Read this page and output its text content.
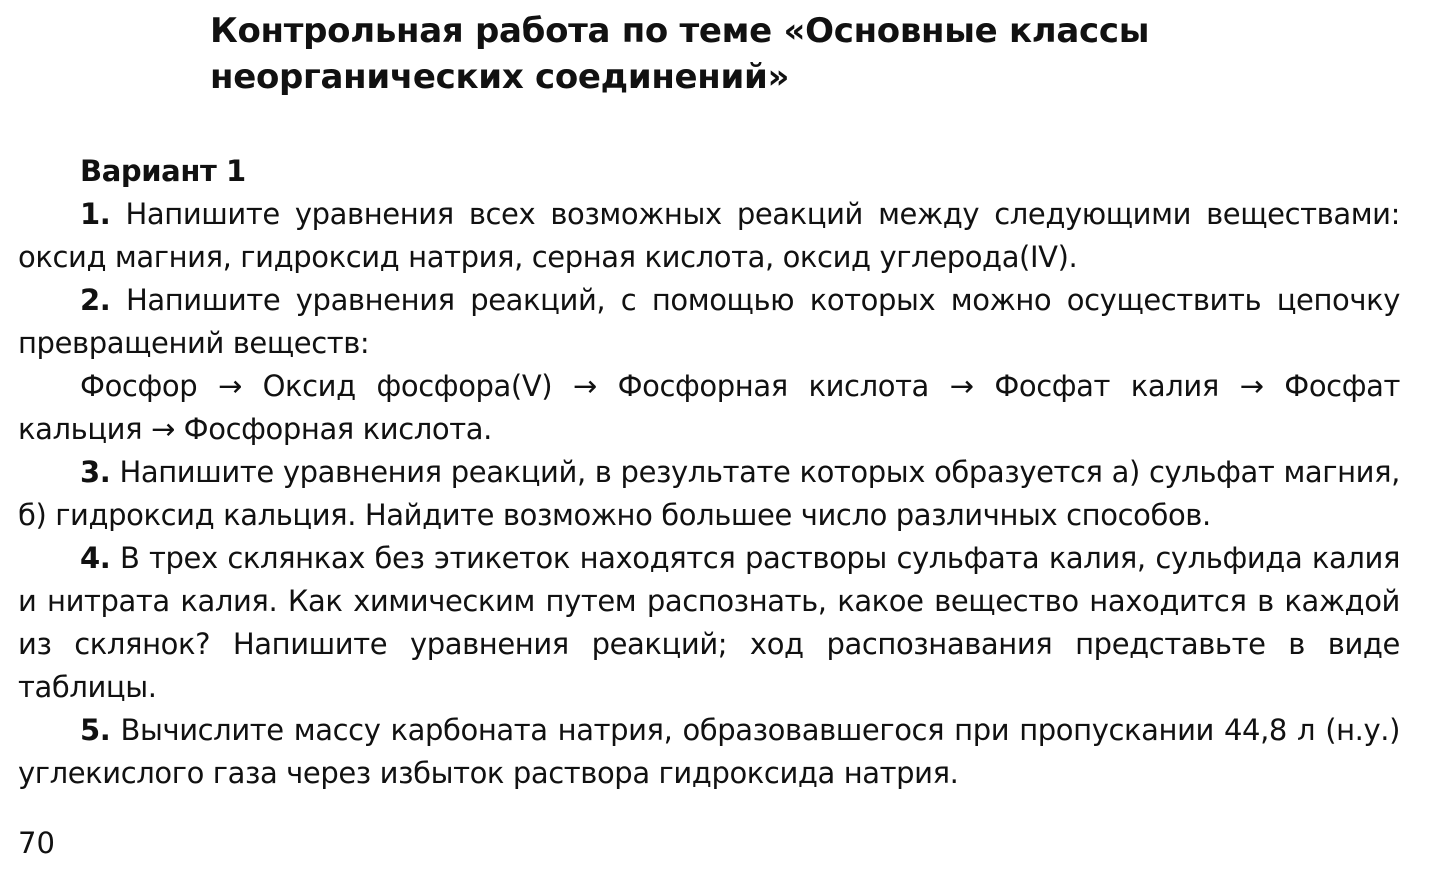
Контрольная работа по теме «Основные классы неорганических соединений»

Вариант 1

1. Напишите уравнения всех возможных реакций между следующими веществами: оксид магния, гидроксид натрия, серная кислота, оксид углерода(IV).

2. Напишите уравнения реакций, с помощью которых можно осуществить цепочку превращений веществ:

Фосфор → Оксид фосфора(V) → Фосфорная кислота → Фосфат калия → Фосфат кальция → Фосфорная кислота.

3. Напишите уравнения реакций, в результате которых образуется а) сульфат магния, б) гидроксид кальция. Найдите возможно большее число различных способов.

4. В трех склянках без этикеток находятся растворы сульфата калия, сульфида калия и нитрата калия. Как химическим путем распознать, какое вещество находится в каждой из склянок? Напишите уравнения реакций; ход распознавания представьте в виде таблицы.

5. Вычислите массу карбоната натрия, образовавшегося при пропускании 44,8 л (н.у.) углекислого газа через избыток раствора гидроксида натрия.

70
